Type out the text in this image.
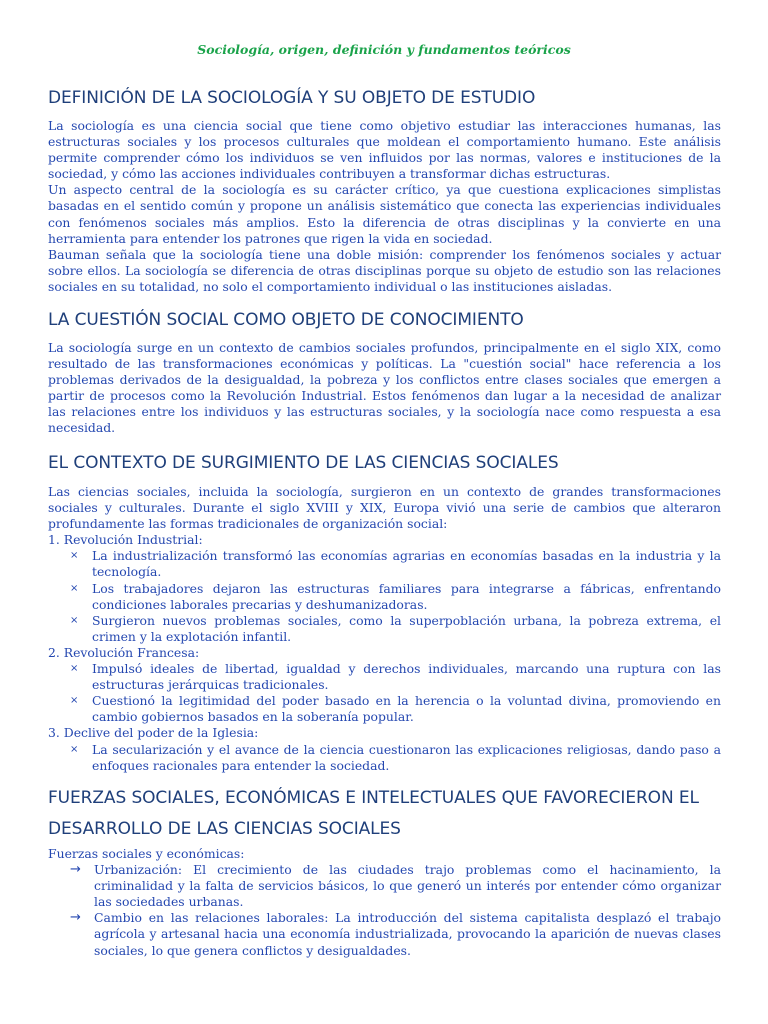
Sociología, origen, definición y fundamentos teóricos
DEFINICIÓN DE LA SOCIOLOGÍA Y SU OBJETO DE ESTUDIO

La sociología es una ciencia social que tiene como objetivo estudiar las interacciones humanas, las estructuras sociales y los procesos culturales que moldean el comportamiento humano. Este análisis permite comprender cómo los individuos se ven influidos por las normas, valores e instituciones de la sociedad, y cómo las acciones individuales contribuyen a transformar dichas estructuras.

Un aspecto central de la sociología es su carácter crítico, ya que cuestiona explicaciones simplistas basadas en el sentido común y propone un análisis sistemático que conecta las experiencias individuales con fenómenos sociales más amplios. Esto la diferencia de otras disciplinas y la convierte en una herramienta para entender los patrones que rigen la vida en sociedad.

Bauman señala que la sociología tiene una doble misión: comprender los fenómenos sociales y actuar sobre ellos. La sociología se diferencia de otras disciplinas porque su objeto de estudio son las relaciones sociales en su totalidad, no solo el comportamiento individual o las instituciones aisladas.

LA CUESTIÓN SOCIAL COMO OBJETO DE CONOCIMIENTO

La sociología surge en un contexto de cambios sociales profundos, principalmente en el siglo XIX, como resultado de las transformaciones económicas y políticas. La "cuestión social" hace referencia a los problemas derivados de la desigualdad, la pobreza y los conflictos entre clases sociales que emergen a partir de procesos como la Revolución Industrial. Estos fenómenos dan lugar a la necesidad de analizar las relaciones entre los individuos y las estructuras sociales, y la sociología nace como respuesta a esa necesidad.

EL CONTEXTO DE SURGIMIENTO DE LAS CIENCIAS SOCIALES

Las ciencias sociales, incluida la sociología, surgieron en un contexto de grandes transformaciones sociales y culturales. Durante el siglo XVIII y XIX, Europa vivió una serie de cambios que alteraron profundamente las formas tradicionales de organización social:

1. Revolución Industrial:
× La industrialización transformó las economías agrarias en economías basadas en la industria y la tecnología.
× Los trabajadores dejaron las estructuras familiares para integrarse a fábricas, enfrentando condiciones laborales precarias y deshumanizadoras.
× Surgieron nuevos problemas sociales, como la superpoblación urbana, la pobreza extrema, el crimen y la explotación infantil.
2. Revolución Francesa:
× Impulsó ideales de libertad, igualdad y derechos individuales, marcando una ruptura con las estructuras jerárquicas tradicionales.
× Cuestionó la legitimidad del poder basado en la herencia o la voluntad divina, promoviendo en cambio gobiernos basados en la soberanía popular.
3. Declive del poder de la Iglesia:
× La secularización y el avance de la ciencia cuestionaron las explicaciones religiosas, dando paso a enfoques racionales para entender la sociedad.
FUERZAS SOCIALES, ECONÓMICAS E INTELECTUALES QUE FAVORECIERON EL
DESARROLLO DE LAS CIENCIAS SOCIALES
Fuerzas sociales y económicas:
→ Urbanización: El crecimiento de las ciudades trajo problemas como el hacinamiento, la criminalidad y la falta de servicios básicos, lo que generó un interés por entender cómo organizar las sociedades urbanas.
→ Cambio en las relaciones laborales: La introducción del sistema capitalista desplazó el trabajo agrícola y artesanal hacia una economía industrializada, provocando la aparición de nuevas clases sociales, lo que genera conflictos y desigualdades.
